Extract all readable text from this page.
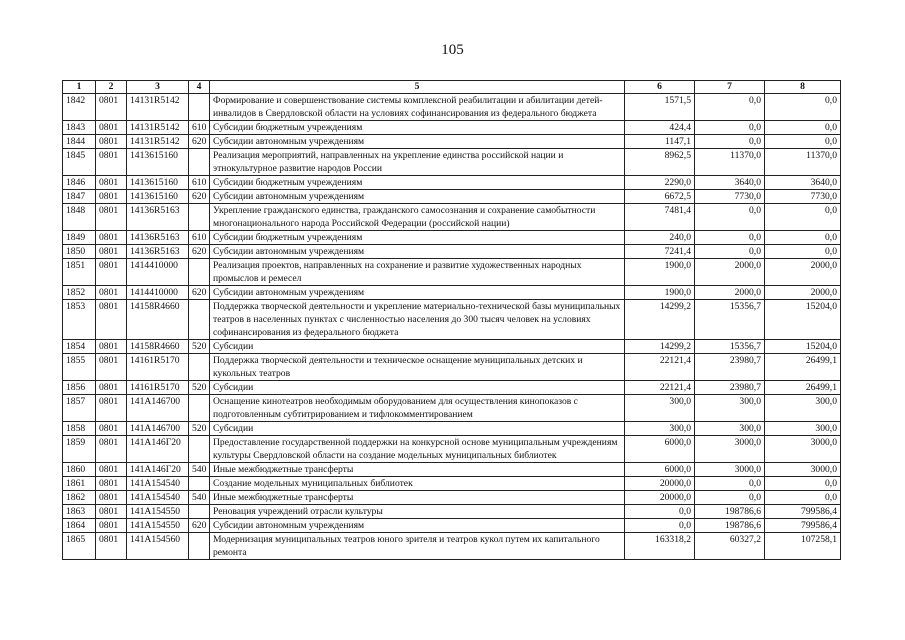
105
1	2	3	4	5	6	7	8
1842	0801	14131R5142		Формирование и совершенствование системы комплексной реабилитации и абилитации детей-инвалидов в Свердловской области на условиях софинансирования из федерального бюджета	1571,5	0,0	0,0
1843	0801	14131R5142	610	Субсидии бюджетным учреждениям	424,4	0,0	0,0
1844	0801	14131R5142	620	Субсидии автономным учреждениям	1147,1	0,0	0,0
1845	0801	1413615160		Реализация мероприятий, направленных на укрепление единства российской нации и этнокультурное развитие народов России	8962,5	11370,0	11370,0
1846	0801	1413615160	610	Субсидии бюджетным учреждениям	2290,0	3640,0	3640,0
1847	0801	1413615160	620	Субсидии автономным учреждениям	6672,5	7730,0	7730,0
1848	0801	14136R5163		Укрепление гражданского единства, гражданского самосознания и сохранение самобытности многонационального народа Российской Федерации (российской нации)	7481,4	0,0	0,0
1849	0801	14136R5163	610	Субсидии бюджетным учреждениям	240,0	0,0	0,0
1850	0801	14136R5163	620	Субсидии автономным учреждениям	7241,4	0,0	0,0
1851	0801	1414410000		Реализация проектов, направленных на сохранение и развитие художественных народных промыслов и ремесел	1900,0	2000,0	2000,0
1852	0801	1414410000	620	Субсидии автономным учреждениям	1900,0	2000,0	2000,0
1853	0801	14158R4660		Поддержка творческой деятельности и укрепление материально-технической базы муниципальных театров в населенных пунктах с численностью населения до 300 тысяч человек на условиях софинансирования из федерального бюджета	14299,2	15356,7	15204,0
1854	0801	14158R4660	520	Субсидии	14299,2	15356,7	15204,0
1855	0801	14161R5170		Поддержка творческой деятельности и техническое оснащение муниципальных детских и кукольных театров	22121,4	23980,7	26499,1
1856	0801	14161R5170	520	Субсидии	22121,4	23980,7	26499,1
1857	0801	141A146700		Оснащение кинотеатров необходимым оборудованием для осуществления кинопоказов с подготовленным субтитрированием и тифлокомментированием	300,0	300,0	300,0
1858	0801	141A146700	520	Субсидии	300,0	300,0	300,0
1859	0801	141A146Г20		Предоставление государственной поддержки на конкурсной основе муниципальным учреждениям культуры Свердловской области на создание модельных муниципальных библиотек	6000,0	3000,0	3000,0
1860	0801	141A146Г20	540	Иные межбюджетные трансферты	6000,0	3000,0	3000,0
1861	0801	141A154540		Создание модельных муниципальных библиотек	20000,0	0,0	0,0
1862	0801	141A154540	540	Иные межбюджетные трансферты	20000,0	0,0	0,0
1863	0801	141A154550		Реновация учреждений отрасли культуры	0,0	198786,6	799586,4
1864	0801	141A154550	620	Субсидии автономным учреждениям	0,0	198786,6	799586,4
1865	0801	141A154560		Модернизация муниципальных театров юного зрителя и театров кукол путем их капитального ремонта	163318,2	60327,2	107258,1
